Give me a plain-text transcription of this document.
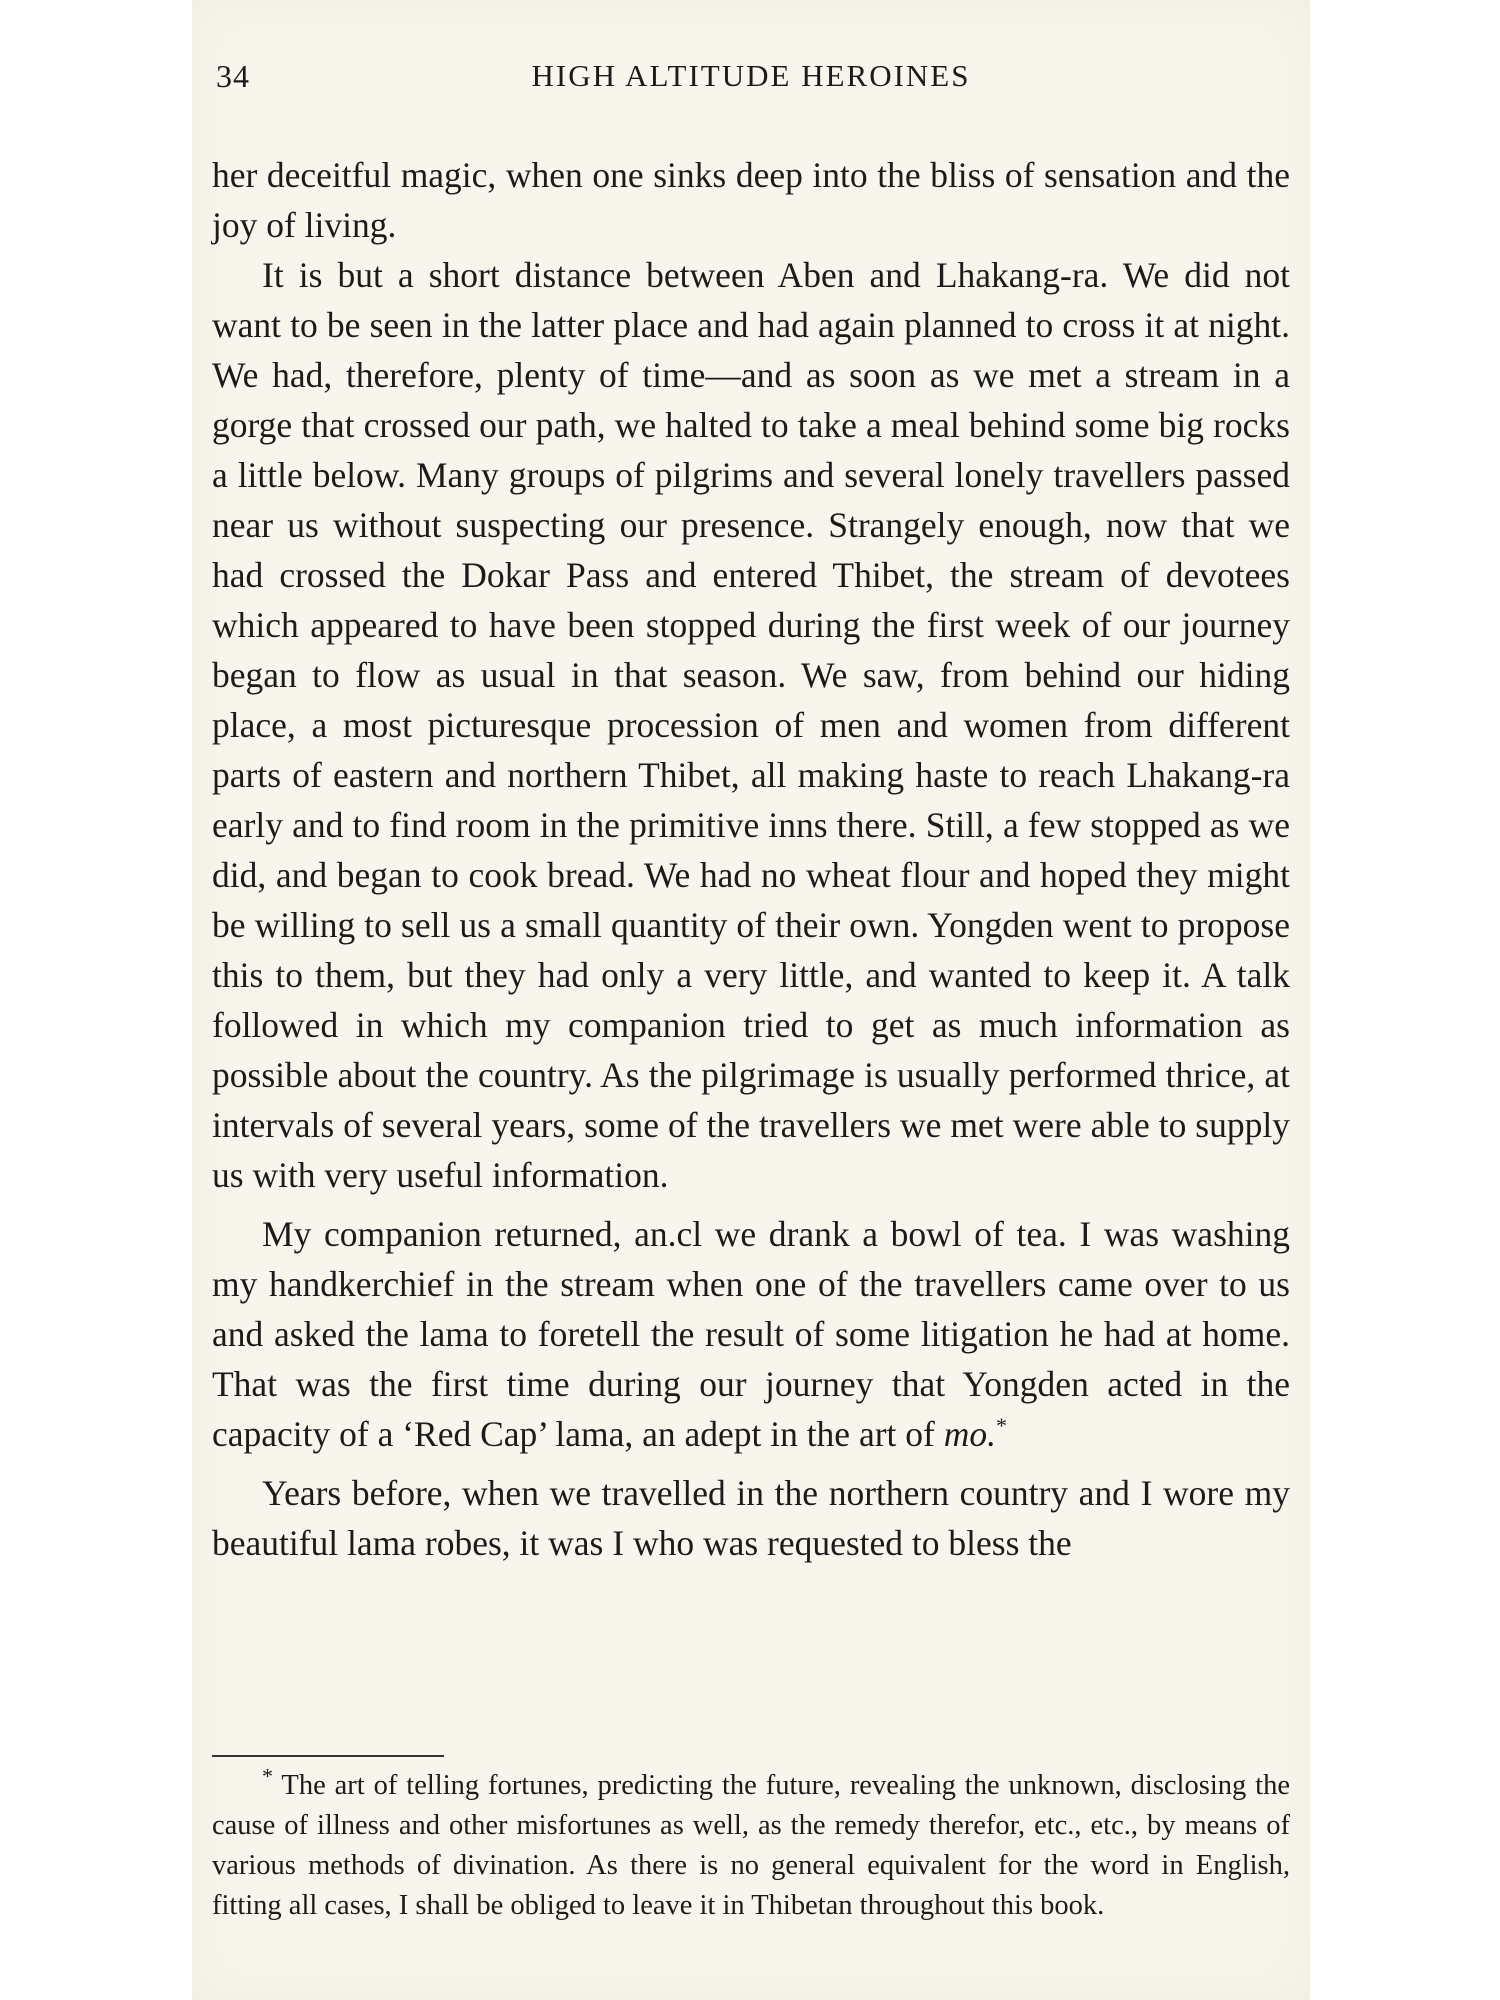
34	HIGH ALTITUDE HEROINES

her deceitful magic, when one sinks deep into the bliss of sensation and the joy of living.

It is but a short distance between Aben and Lhakang-ra. We did not want to be seen in the latter place and had again planned to cross it at night. We had, therefore, plenty of time—and as soon as we met a stream in a gorge that crossed our path, we halted to take a meal behind some big rocks a little below. Many groups of pilgrims and several lonely travellers passed near us without suspecting our presence. Strangely enough, now that we had crossed the Dokar Pass and entered Thibet, the stream of devotees which appeared to have been stopped during the first week of our journey began to flow as usual in that season. We saw, from behind our hiding place, a most picturesque procession of men and women from different parts of eastern and northern Thibet, all making haste to reach Lhakang-ra early and to find room in the primitive inns there. Still, a few stopped as we did, and began to cook bread. We had no wheat flour and hoped they might be willing to sell us a small quantity of their own. Yongden went to propose this to them, but they had only a very little, and wanted to keep it. A talk followed in which my companion tried to get as much information as possible about the country. As the pilgrimage is usually performed thrice, at intervals of several years, some of the travellers we met were able to supply us with very useful information.

My companion returned, an.cl we drank a bowl of tea. I was washing my handkerchief in the stream when one of the travellers came over to us and asked the lama to foretell the result of some litigation he had at home. That was the first time during our journey that Yongden acted in the capacity of a ‘Red Cap’ lama, an adept in the art of mo.*

Years before, when we travelled in the northern country and I wore my beautiful lama robes, it was I who was requested to bless the

* The art of telling fortunes, predicting the future, revealing the unknown, disclosing the cause of illness and other misfortunes as well, as the remedy therefor, etc., etc., by means of various methods of divination. As there is no general equivalent for the word in English, fitting all cases, I shall be obliged to leave it in Thibetan throughout this book.
